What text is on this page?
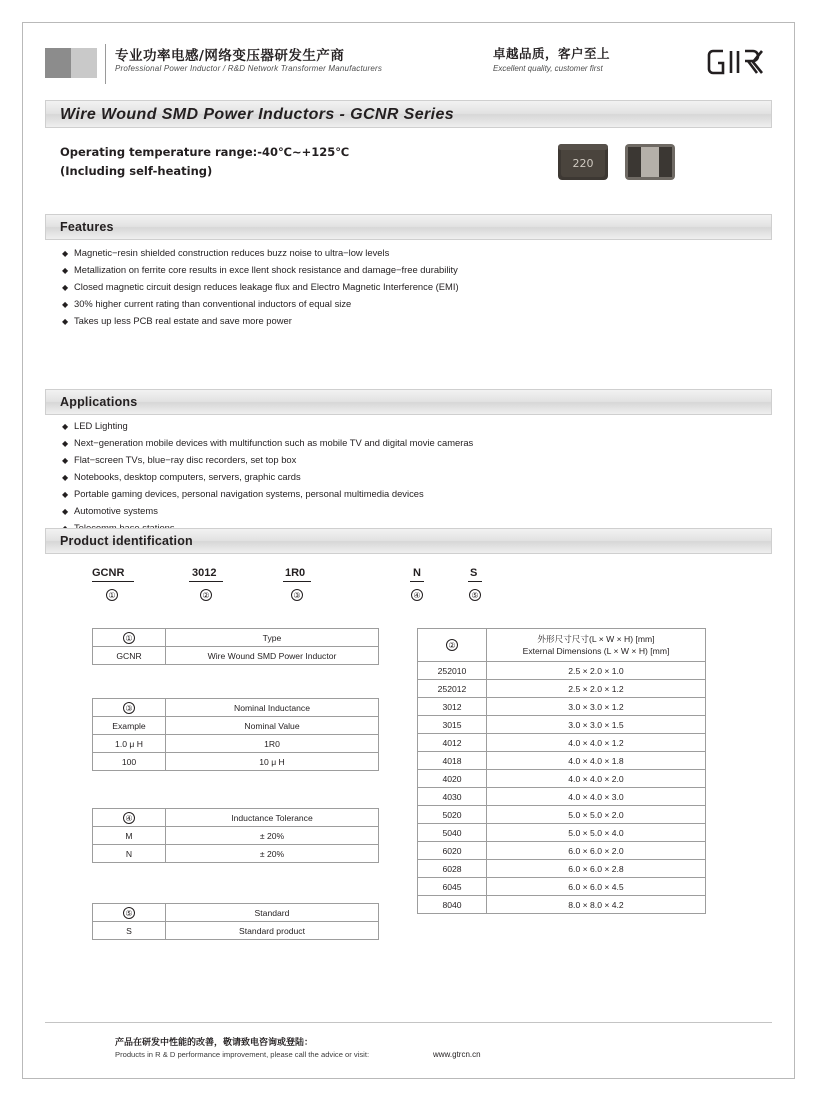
专业功率电感/网络变压器研发生产商
Professional Power Inductor / R&D Network Transformer Manufacturers
卓越品质，客户至上
Excellent quality, customer first
Wire Wound SMD Power Inductors - GCNR Series
Operating temperature range:-40℃~+125℃
(Including self-heating)
220
Features
◆ Magnetic−resin shielded construction reduces buzz noise to ultra−low levels
◆ Metallization on ferrite core results in exce llent shock resistance and damage−free durability
◆ Closed magnetic circuit design reduces leakage flux and Electro Magnetic Interference (EMI)
◆ 30% higher current rating than conventional inductors of equal size
◆ Takes up less PCB real estate and save more power
Applications
◆ LED Lighting
◆ Next−generation mobile devices with multifunction such as mobile TV and digital movie cameras
◆ Flat−screen TVs, blue−ray disc recorders, set top box
◆ Notebooks, desktop computers, servers, graphic cards
◆ Portable gaming devices, personal navigation systems, personal multimedia devices
◆ Automotive systems
Product identification
GCNR
①
3012
②
1R0
③
N
④
S
⑤
①	Type
GCNR	Wire Wound SMD Power Inductor
③	Nominal Inductance
Example	Nominal Value
1.0 μ H	1R0
100	10 μ H
④	Inductance Tolerance
M	± 20%
N	± 20%
⑤	Standard
S	Standard product
②	外形尺寸尺寸(L × W × H) [mm]
External Dimensions (L × W × H) [mm]

252010	2.5 × 2.0 × 1.0
252012	2.5 × 2.0 × 1.2
3012	3.0 × 3.0 × 1.2
3015	3.0 × 3.0 × 1.5
4012	4.0 × 4.0 × 1.2
4018	4.0 × 4.0 × 1.8
4020	4.0 × 4.0 × 2.0
4030	4.0 × 4.0 × 3.0
5020	5.0 × 5.0 × 2.0
5040	5.0 × 5.0 × 4.0
6020	6.0 × 6.0 × 2.0
6028	6.0 × 6.0 × 2.8
6045	6.0 × 6.0 × 4.5
8040	8.0 × 8.0 × 4.2
产品在研发中性能的改善，敬请致电咨询或登陆：
Products in R & D performance improvement, please call the advice or visit:	www.gtrcn.cn
